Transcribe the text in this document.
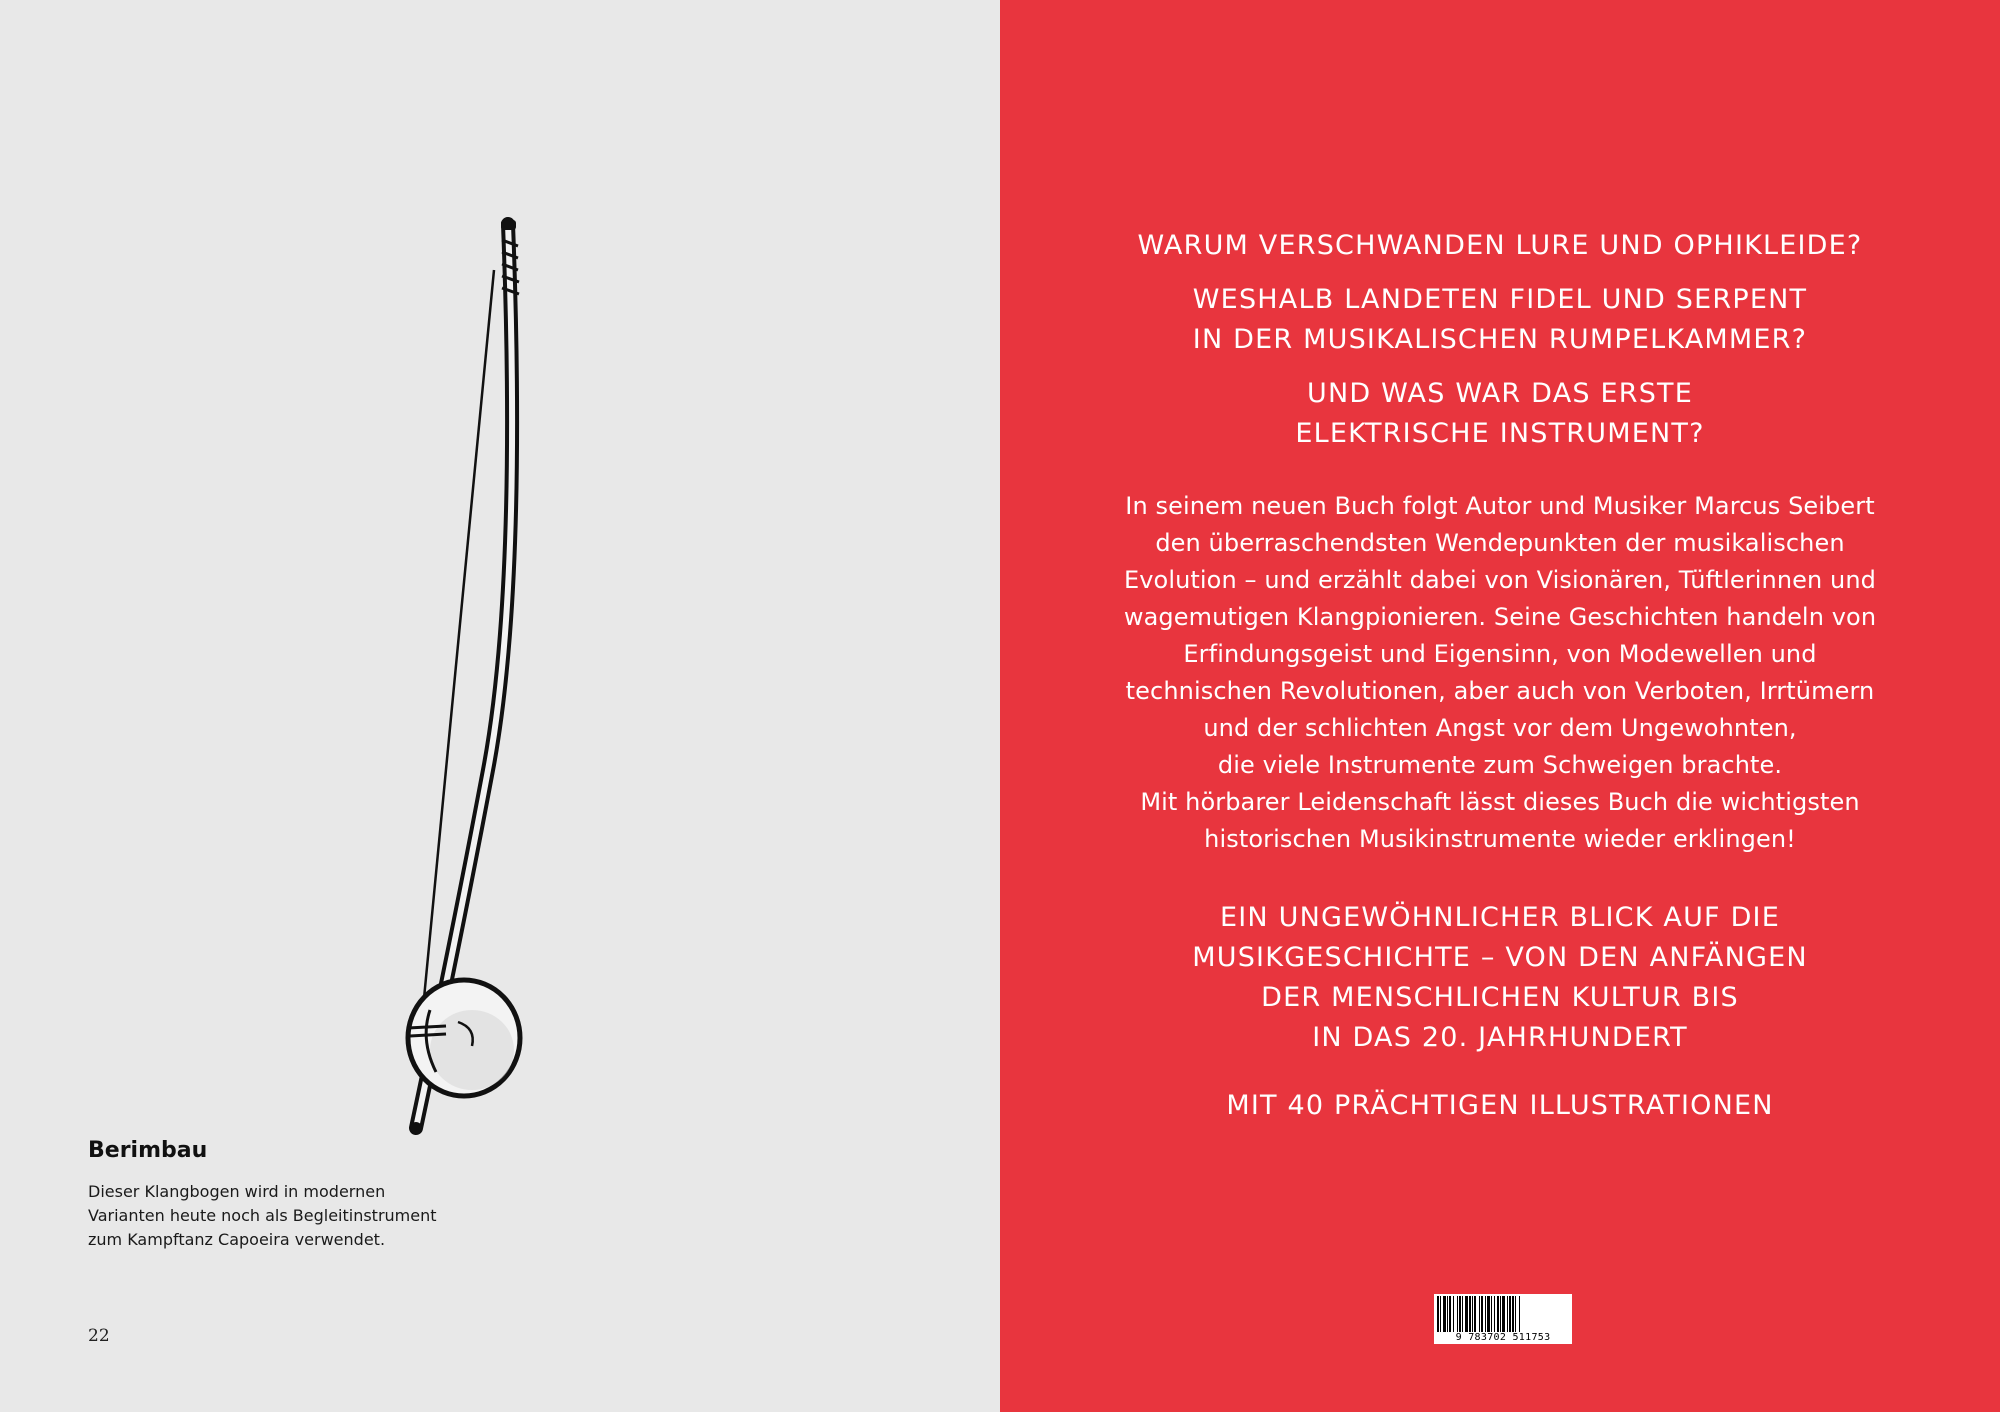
Berimbau
Dieser Klangbogen wird in modernen
Varianten heute noch als Begleitinstrument
zum Kampftanz Capoeira verwendet.
22
WARUM VERSCHWANDEN LURE UND OPHIKLEIDE?
WESHALB LANDETEN FIDEL UND SERPENT
IN DER MUSIKALISCHEN RUMPELKAMMER?
UND WAS WAR DAS ERSTE
ELEKTRISCHE INSTRUMENT?
In seinem neuen Buch folgt Autor und Musiker Marcus Seibert
den überraschendsten Wendepunkten der musikalischen
Evolution – und erzählt dabei von Visionären, Tüftlerinnen und
wagemutigen Klangpionieren. Seine Geschichten handeln von
Erfindungsgeist und Eigensinn, von Modewellen und
technischen Revolutionen, aber auch von Verboten, Irrtümern
und der schlichten Angst vor dem Ungewohnten,
die viele Instrumente zum Schweigen brachte.
Mit hörbarer Leidenschaft lässt dieses Buch die wichtigsten
historischen Musikinstrumente wieder erklingen!
EIN UNGEWÖHNLICHER BLICK AUF DIE
MUSIKGESCHICHTE – VON DEN ANFÄNGEN
DER MENSCHLICHEN KULTUR BIS
IN DAS 20. JAHRHUNDERT
MIT 40 PRÄCHTIGEN ILLUSTRATIONEN
9 783702 511753
